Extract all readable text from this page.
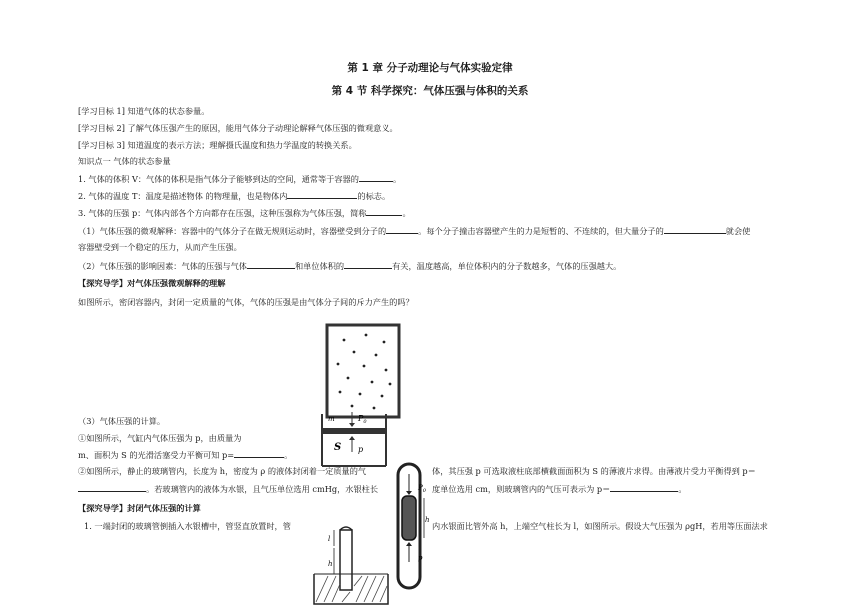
第 1 章 分子动理论与气体实验定律
第 4 节 科学探究：气体压强与体积的关系
[学习目标 1] 知道气体的状态参量。
[学习目标 2] 了解气体压强产生的原因，能用气体分子动理论解释气体压强的微观意义。
[学习目标 3] 知道温度的表示方法；理解摄氏温度和热力学温度的转换关系。
知识点一 气体的状态参量
1. 气体的体积 V：气体的体积是指气体分子能够到达的空间，通常等于容器的	。
2. 气体的温度 T：温度是描述物体 的物理量，也是物体内	的标志。
3. 气体的压强 p：气体内部各个方向都存在压强，这种压强称为气体压强，简称	。
（1）气体压强的微观解释：容器中的气体分子在做无规则运动时，容器壁受到分子的	。每个分子撞击容器壁产生的力是短暂的、不连续的，但大量分子的	就会使
容器壁受到一个稳定的压力，从而产生压强。
（2）气体压强的影响因素：气体的压强与气体	和单位体积的	有关，温度越高，单位体积内的分子数越多，气体的压强越大。
【探究导学】对气体压强微观解释的理解
如图所示，密闭容器内，封闭一定质量的气体，气体的压强是由气体分子间的斥力产生的吗？
（3）气体压强的计算。
①如图所示，气缸内气体压强为 p，由质量为
m、面积为 S 的光滑活塞受力平衡可知 p=	。
m	$P_0$
S p
②如图所示，静止的玻璃管内，长度为 h，密度为 ρ 的液体封闭着一定质量的气	体，其压强 p 可选取液柱底部横截面面积为 S 的薄液片求得。由薄液片受力平衡得到 p＝
。若玻璃管内的液体为水银，且气压单位选用 cmHg，水银柱长	度单位选用 cm，则玻璃管内的气压可表示为 p＝	。
$P_0$
h
p
【探究导学】封闭气体压强的计算
1. 一端封闭的玻璃管倒插入水银槽中，管竖直放置时，管	内水银面比管外高 h，上端空气柱长为 l，如图所示。假设大气压强为 ρgH，若用等压面法求
l
h
